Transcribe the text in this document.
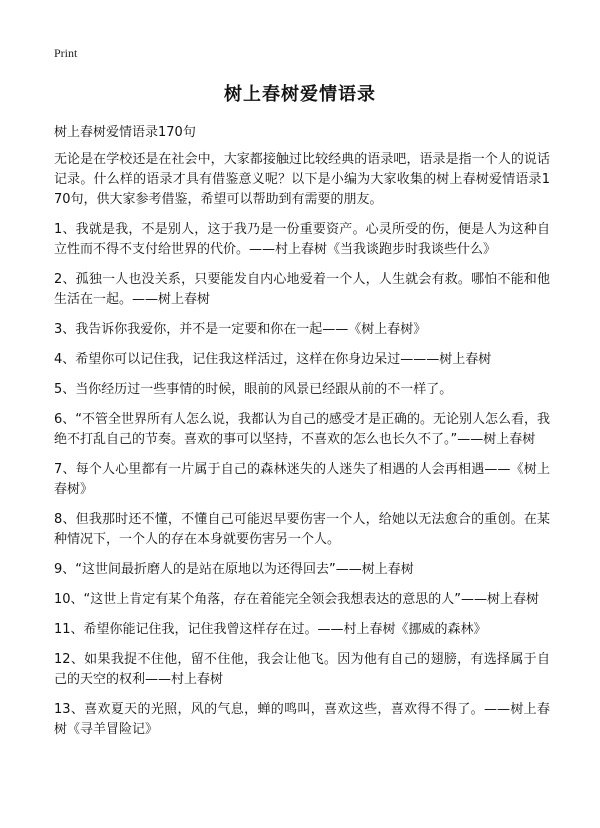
Print
树上春树爱情语录
树上春树爱情语录170句

无论是在学校还是在社会中，大家都接触过比较经典的语录吧，语录是指一个人的说话记录。什么样的语录才具有借鉴意义呢？以下是小编为大家收集的树上春树爱情语录170句，供大家参考借鉴，希望可以帮助到有需要的朋友。

1、我就是我，不是别人，这于我乃是一份重要资产。心灵所受的伤，便是人为这种自立性而不得不支付给世界的代价。——村上春树《当我谈跑步时我谈些什么》

2、孤独一人也没关系，只要能发自内心地爱着一个人，人生就会有救。哪怕不能和他生活在一起。——树上春树

3、我告诉你我爱你，并不是一定要和你在一起——《树上春树》

4、希望你可以记住我，记住我这样活过，这样在你身边呆过———树上春树

5、当你经历过一些事情的时候，眼前的风景已经跟从前的不一样了。

6、“不管全世界所有人怎么说，我都认为自己的感受才是正确的。无论别人怎么看，我绝不打乱自己的节奏。喜欢的事可以坚持，不喜欢的怎么也长久不了。”——树上春树

7、每个人心里都有一片属于自己的森林迷失的人迷失了相遇的人会再相遇——《树上春树》

8、但我那时还不懂，不懂自己可能迟早要伤害一个人，给她以无法愈合的重创。在某种情况下，一个人的存在本身就要伤害另一个人。

9、“这世间最折磨人的是站在原地以为还得回去”——树上春树

10、“这世上肯定有某个角落，存在着能完全领会我想表达的意思的人”——树上春树

11、希望你能记住我，记住我曾这样存在过。——村上春树《挪威的森林》

12、如果我捉不住他，留不住他，我会让他飞。因为他有自己的翅膀，有选择属于自己的天空的权利——村上春树

13、喜欢夏天的光照，风的气息，蝉的鸣叫，喜欢这些，喜欢得不得了。——树上春树《寻羊冒险记》
